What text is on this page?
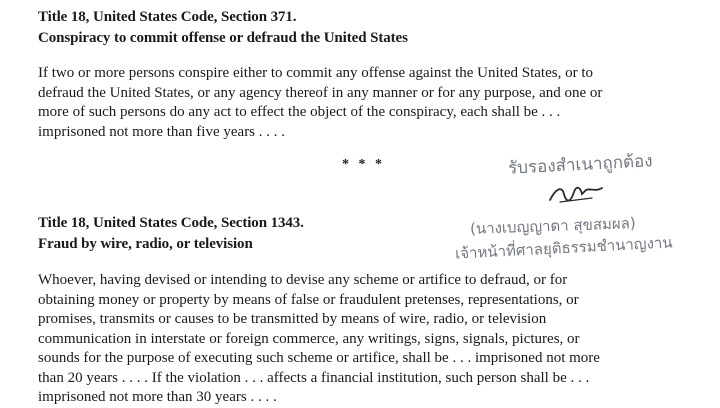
Title 18, United States Code, Section 371.
Conspiracy to commit offense or defraud the United States
If two or more persons conspire either to commit any offense against the United States, or to
defraud the United States, or any agency thereof in any manner or for any purpose, and one or
more of such persons do any act to effect the object of the conspiracy, each shall be . . .
imprisoned not more than five years . . . .
* * *	รับรองสำเนาถูกต้อง
(นางเบญญาดา สุขสมผล)
เจ้าหน้าที่ศาลยุติธรรมชำนาญงาน
Title 18, United States Code, Section 1343.
Fraud by wire, radio, or television
Whoever, having devised or intending to devise any scheme or artifice to defraud, or for
obtaining money or property by means of false or fraudulent pretenses, representations, or
promises, transmits or causes to be transmitted by means of wire, radio, or television
communication in interstate or foreign commerce, any writings, signs, signals, pictures, or
sounds for the purpose of executing such scheme or artifice, shall be . . . imprisoned not more
than 20 years . . . . If the violation . . . affects a financial institution, such person shall be . . .
imprisoned not more than 30 years . . . .
